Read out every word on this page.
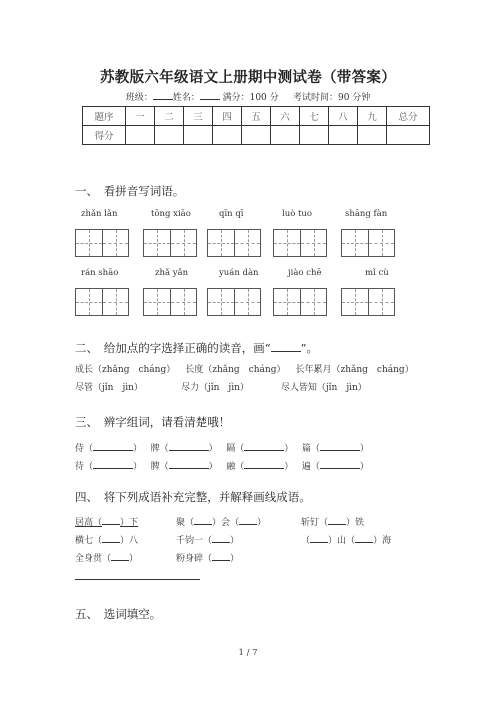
苏教版六年级语文上册期中测试卷（带答案）
班级： 姓名：	满分：100 分 考试时间：90 分钟
题序	一	二	三	四	五	六	七	八	九	总分
得分										
一、　看拼音写词语。
zhǎn lǎn	tōng xiāo	qīn qī	luò tuo	shāng fàn
rán shāo	zhǎ yǎn	yuán dàn	jiào chē	mǐ cù
二、　给加点的字选择正确的读音，画“	”。
成长（zhǎng　cháng） 长度（zhǎng　cháng） 长年累月（zhǎng　cháng）
尽管（jǐn　jìn）	尽力（jǐn　jìn）	尽人皆知（jǐn　jìn）
三、　辨字组词，请看清楚哦！
侍（	）   牌（	）   隔（	）   篇（	）
待（	）   脾（	）   融（	）   遍（	）
四、　将下列成语补充完整，并解释画线成语。
居高（ ）下	聚（ ）会（ ）	斩钉（ ）铁
横七（ ）八	千钧一（ ）	（ ）山（ ）海
全身贯（ ）	粉身碎（ ）
五、　选词填空。
1 / 7
